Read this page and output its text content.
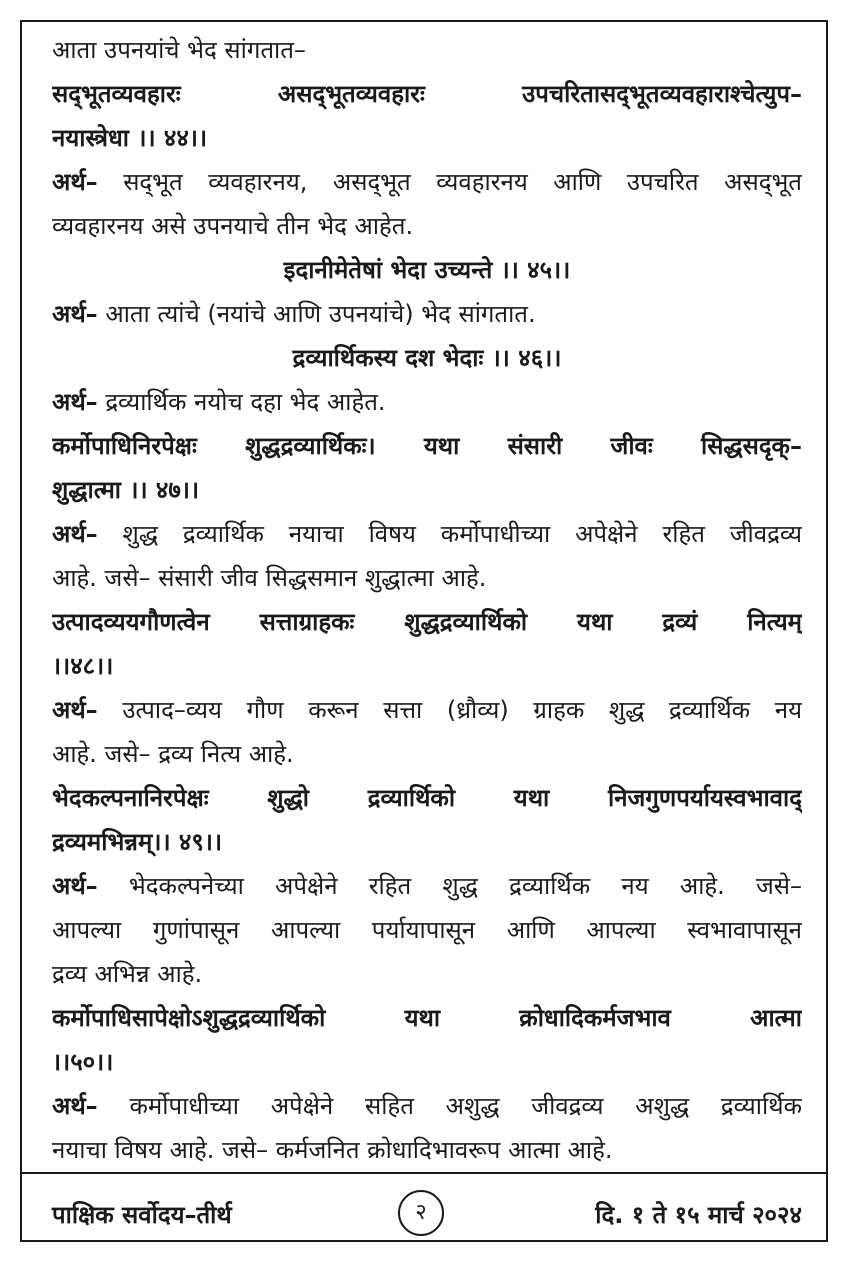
आता उपनयांचे भेद सांगतात–
सद्‌भूतव्यवहारः असद्‌भूतव्यवहारः उपचरितासद्‌भूतव्यवहाराश्चेत्युप–
नयास्त्रेधा ।। ४४।।
अर्थ– सद्‌भूत व्यवहारनय, असद्‌भूत व्यवहारनय आणि उपचरित असद्‌भूत
व्यवहारनय असे उपनयाचे तीन भेद आहेत.
इदानीमेतेषां भेदा उच्यन्ते ।। ४५।।
अर्थ– आता त्यांचे (नयांचे आणि उपनयांचे) भेद सांगतात.
द्रव्यार्थिकस्य दश भेदाः ।। ४६।।
अर्थ– द्रव्यार्थिक नयोच दहा भेद आहेत.
कर्मोपाधिनिरपेक्षः शुद्धद्रव्यार्थिकः। यथा संसारी जीवः सिद्धसदृक्–
शुद्धात्मा ।। ४७।।
अर्थ– शुद्ध द्रव्यार्थिक नयाचा विषय कर्मोपाधीच्या अपेक्षेने रहित जीवद्रव्य
आहे. जसे– संसारी जीव सिद्धसमान शुद्धात्मा आहे.
उत्पादव्ययगौणत्वेन सत्ताग्राहकः शुद्धद्रव्यार्थिको यथा द्रव्यं नित्यम्
।।४८।।
अर्थ– उत्पाद–व्यय गौण करून सत्ता (ध्रौव्य) ग्राहक शुद्ध द्रव्यार्थिक नय
आहे. जसे– द्रव्य नित्य आहे.
भेदकल्पनानिरपेक्षः शुद्धो द्रव्यार्थिको यथा निजगुणपर्यायस्वभावाद्
द्रव्यमभिन्नम्।। ४९।।
अर्थ– भेदकल्पनेच्या अपेक्षेने रहित शुद्ध द्रव्यार्थिक नय आहे. जसे–
आपल्या गुणांपासून आपल्या पर्यायापासून आणि आपल्या स्वभावापासून
द्रव्य अभिन्न आहे.
कर्मोपाधिसापेक्षोऽशुद्धद्रव्यार्थिको यथा क्रोधादिकर्मजभाव आत्मा
।।५०।।
अर्थ– कर्मोपाधीच्या अपेक्षेने सहित अशुद्ध जीवद्रव्य अशुद्ध द्रव्यार्थिक
नयाचा विषय आहे. जसे– कर्मजनित क्रोधादिभावरूप आत्मा आहे.
पाक्षिक सर्वोदय–तीर्थ	२	दि. १ ते १५ मार्च २०२४
